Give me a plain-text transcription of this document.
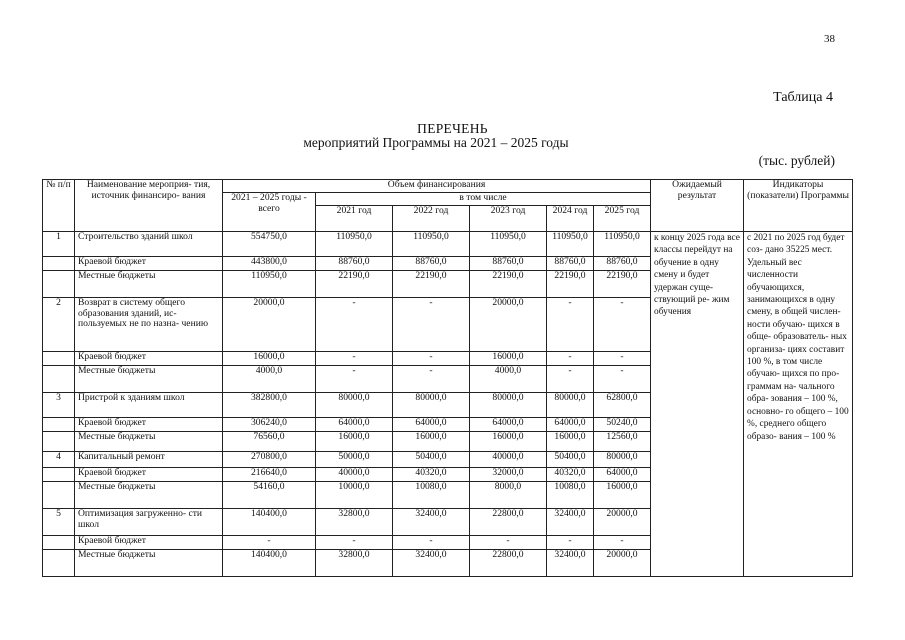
38
Таблица 4
ПЕРЕЧЕНЬ
мероприятий Программы на 2021 – 2025 годы
(тыс. рублей)
№ п/п	Наименование мероприя- тия, источник финансиро- вания	Объем финансирования						Ожидаемый результат	Индикаторы (показатели) Программы
		2021 – 2025 годы - всего	в том числе						
			2021 год	2022 год	2023 год	2024 год	2025 год		
1	Строительство зданий школ	554750,0	110950,0	110950,0	110950,0	110950,0	110950,0	к концу 2025 года все классы перейдут на обучение в одну смену и будет удержан суще- ствующий ре- жим обучения	с 2021 по 2025 год будет соз- дано 35225 мест. Удельный вес численности обучающихся, занимающихся в одну смену, в общей числен- ности обучаю- щихся в обще- образователь- ных организа- циях составит 100 %, в том числе обучаю- щихся по про- граммам на- чального обра- зования – 100 %, основно- го общего – 100 %, среднего общего образо- вания – 100 %
	Краевой бюджет	443800,0	88760,0	88760,0	88760,0	88760,0	88760,0		
	Местные бюджеты	110950,0	22190,0	22190,0	22190,0	22190,0	22190,0		
2	Возврат в систему общего образования зданий, ис- пользуемых не по назна- чению	20000,0	-	-	20000,0	-	-		
	Краевой бюджет	16000,0	-	-	16000,0	-	-		
	Местные бюджеты	4000,0	-	-	4000,0	-	-		
3	Пристрой к зданиям школ	382800,0	80000,0	80000,0	80000,0	80000,0	62800,0		
	Краевой бюджет	306240,0	64000,0	64000,0	64000,0	64000,0	50240,0		
	Местные бюджеты	76560,0	16000,0	16000,0	16000,0	16000,0	12560,0		
4	Капитальный ремонт	270800,0	50000,0	50400,0	40000,0	50400,0	80000,0		
	Краевой бюджет	216640,0	40000,0	40320,0	32000,0	40320,0	64000,0		
	Местные бюджеты	54160,0	10000,0	10080,0	8000,0	10080,0	16000,0		
5	Оптимизация загруженно- сти школ	140400,0	32800,0	32400,0	22800,0	32400,0	20000,0		
	Краевой бюджет	-	-	-	-	-	-		
	Местные бюджеты	140400,0	32800,0	32400,0	22800,0	32400,0	20000,0		
